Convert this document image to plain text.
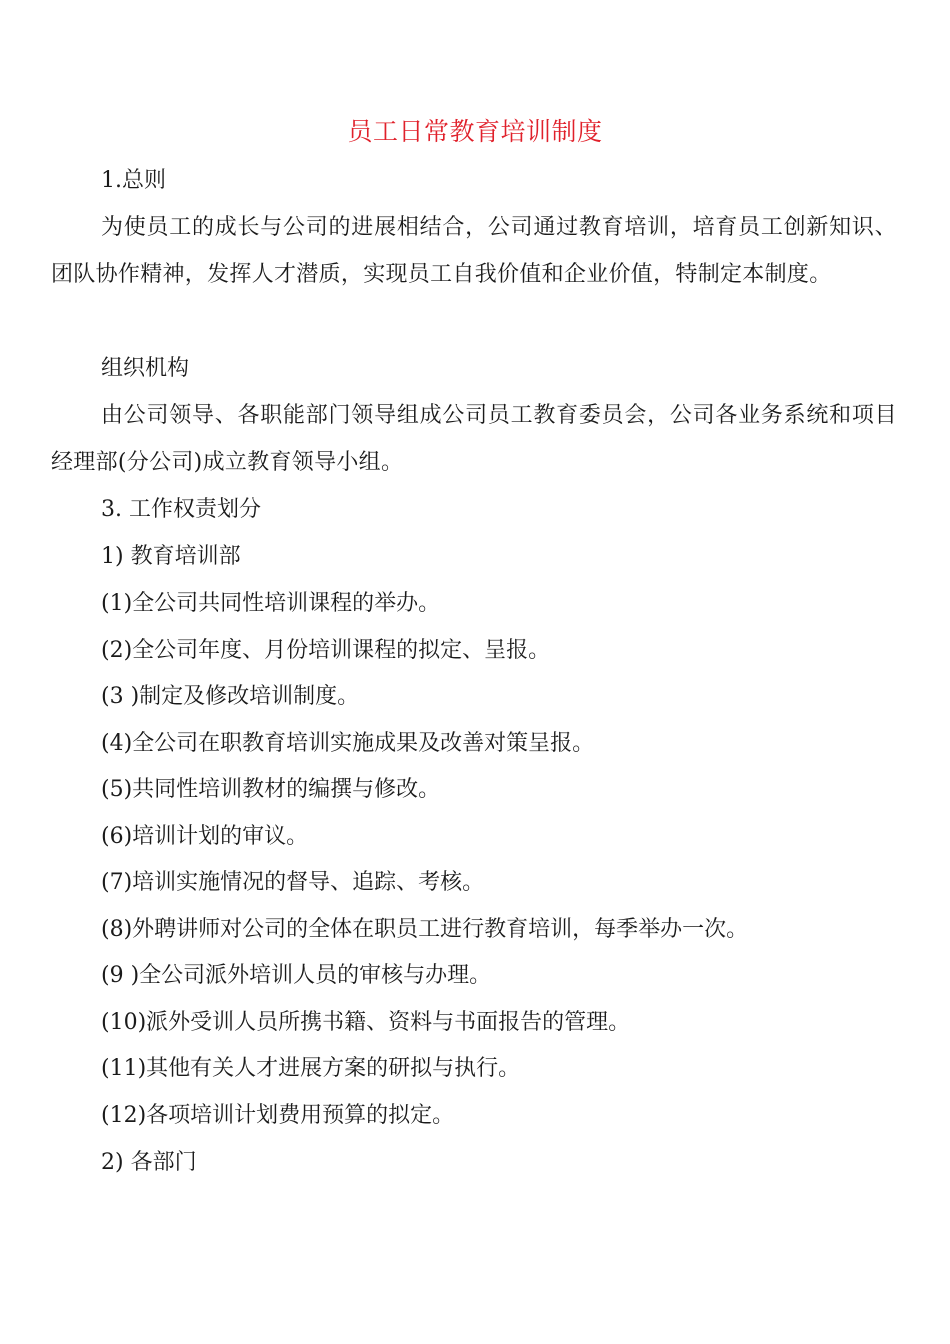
员工日常教育培训制度
1.总则
为使员工的成长与公司的进展相结合，公司通过教育培训，培育员工创新知识、团队协作精神，发挥人才潜质，实现员工自我价值和企业价值，特制定本制度。
组织机构
由公司领导、各职能部门领导组成公司员工教育委员会，公司各业务系统和项目经理部(分公司)成立教育领导小组。
3. 工作权责划分
1) 教育培训部
(1)全公司共同性培训课程的举办。
(2)全公司年度、月份培训课程的拟定、呈报。
(3 )制定及修改培训制度。
(4)全公司在职教育培训实施成果及改善对策呈报。
(5)共同性培训教材的编撰与修改。
(6)培训计划的审议。
(7)培训实施情况的督导、追踪、考核。
(8)外聘讲师对公司的全体在职员工进行教育培训，每季举办一次。
(9 )全公司派外培训人员的审核与办理。
(10)派外受训人员所携书籍、资料与书面报告的管理。
(11)其他有关人才进展方案的研拟与执行。
(12)各项培训计划费用预算的拟定。
2) 各部门
